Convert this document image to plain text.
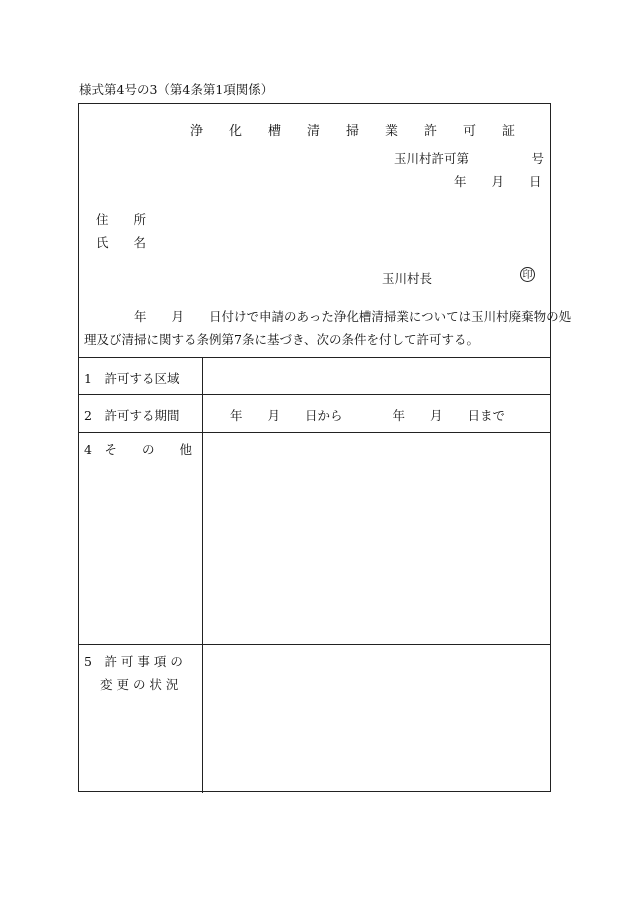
様式第4号の3（第4条第1項関係）
浄化槽清掃業許可証
玉川村許可第　　　　　号
年　　月　　日
住　　所
氏　　名
玉川村長	印
　　　　年　　月　　日付けで申請のあった浄化槽清掃業については玉川村廃棄物の処
理及び清掃に関する条例第7条に基づき、次の条件を付して許可する。
1　許可する区域
2　許可する期間	年　　月　　日から　　　　年　　月　　日まで
4　そ　　の　　他
5　許 可 事 項 の
変 更 の 状 況
